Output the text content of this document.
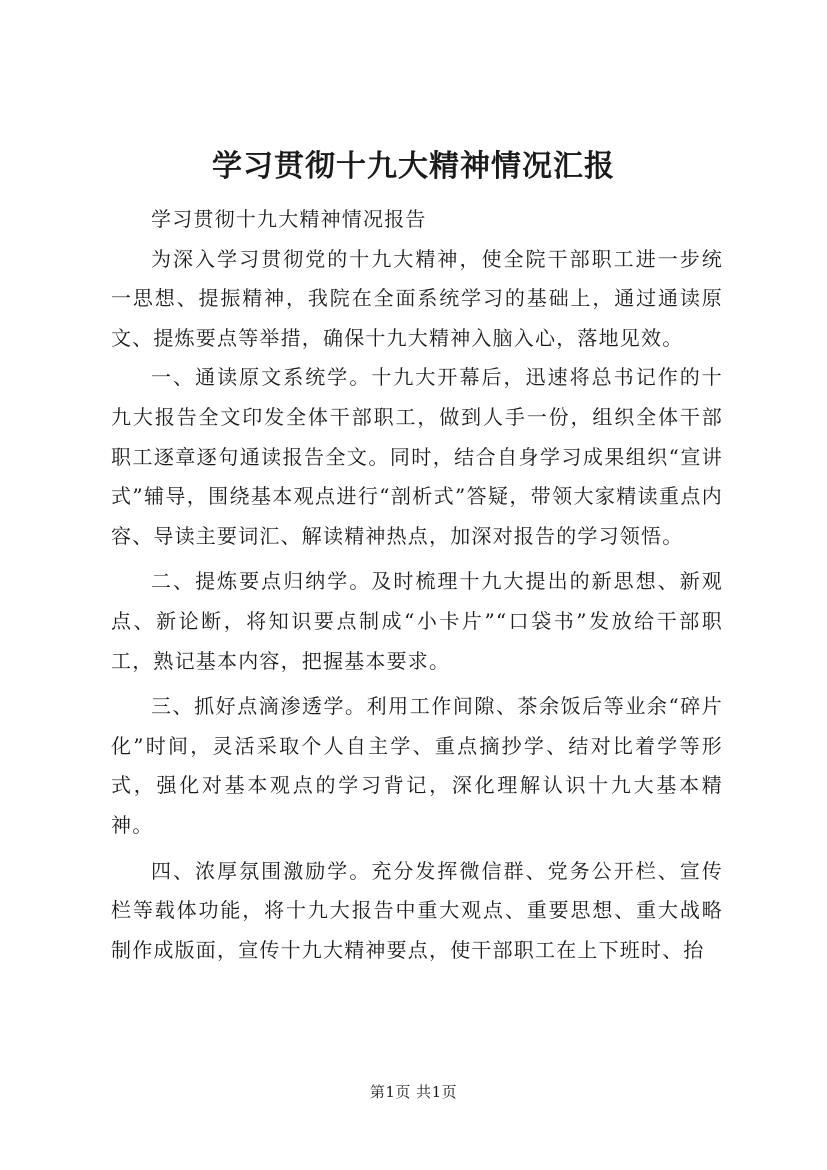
学习贯彻十九大精神情况汇报

学习贯彻十九大精神情况报告

为深入学习贯彻党的十九大精神，使全院干部职工进一步统一思想、提振精神，我院在全面系统学习的基础上，通过通读原文、提炼要点等举措，确保十九大精神入脑入心，落地见效。

一、通读原文系统学。十九大开幕后，迅速将总书记作的十九大报告全文印发全体干部职工，做到人手一份，组织全体干部职工逐章逐句通读报告全文。同时，结合自身学习成果组织“宣讲式”辅导，围绕基本观点进行“剖析式”答疑，带领大家精读重点内容、导读主要词汇、解读精神热点，加深对报告的学习领悟。

二、提炼要点归纳学。及时梳理十九大提出的新思想、新观点、新论断，将知识要点制成“小卡片”“口袋书”发放给干部职工，熟记基本内容，把握基本要求。

三、抓好点滴渗透学。利用工作间隙、茶余饭后等业余“碎片化”时间，灵活采取个人自主学、重点摘抄学、结对比着学等形式，强化对基本观点的学习背记，深化理解认识十九大基本精神。

四、浓厚氛围激励学。充分发挥微信群、党务公开栏、宣传栏等载体功能，将十九大报告中重大观点、重要思想、重大战略制作成版面，宣传十九大精神要点，使干部职工在上下班时、抬

第1页 共1页
